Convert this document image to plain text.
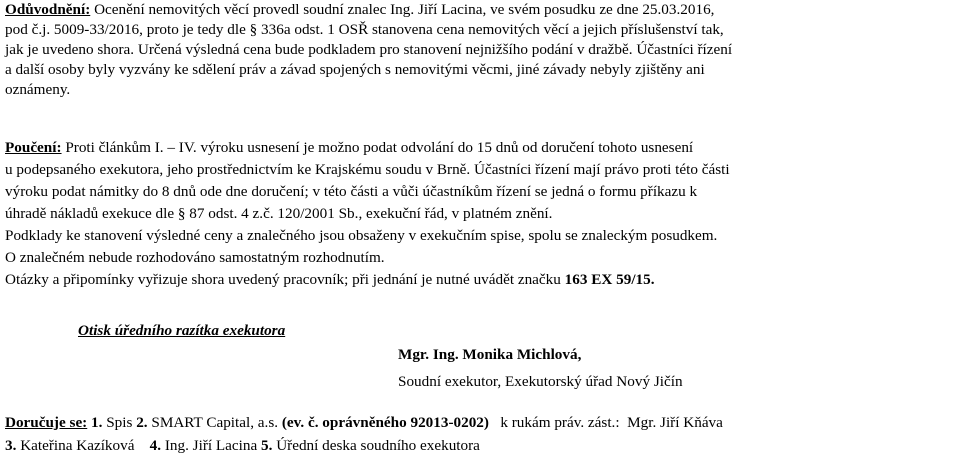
Odůvodnění: Ocenění nemovitých věcí provedl soudní znalec Ing. Jiří Lacina, ve svém posudku ze dne 25.03.2016,
pod č.j. 5009-33/2016, proto je tedy dle § 336a odst. 1 OSŘ stanovena cena nemovitých věcí a jejich příslušenství tak,
jak je uvedeno shora. Určená výsledná cena bude podkladem pro stanovení nejnižšího podání v dražbě. Účastníci řízení
a další osoby byly vyzvány ke sdělení práv a závad spojených s nemovitými věcmi, jiné závady nebyly zjištěny ani
oznámeny.
Poučení: Proti článkům I. – IV. výroku usnesení je možno podat odvolání do 15 dnů od doručení tohoto usnesení
u podepsaného exekutora, jeho prostřednictvím ke Krajskému soudu v Brně. Účastníci řízení mají právo proti této části
výroku podat námitky do 8 dnů ode dne doručení; v této části a vůči účastníkům řízení se jedná o formu příkazu k
úhradě nákladů exekuce dle § 87 odst. 4 z.č. 120/2001 Sb., exekuční řád, v platném znění.
Podklady ke stanovení výsledné ceny a znalečného jsou obsaženy v exekučním spise, spolu se znaleckým posudkem.
O znalečném nebude rozhodováno samostatným rozhodnutím.
Otázky a připomínky vyřizuje shora uvedený pracovník; při jednání je nutné uvádět značku 163 EX 59/15.
Otisk úředního razítka exekutora
Mgr. Ing. Monika Michlová,
Soudní exekutor, Exekutorský úřad Nový Jičín
Doručuje se: 1. Spis 2. SMART Capital, a.s. (ev. č. oprávněného 92013-0202)   k rukám práv. zást.:  Mgr. Jiří Kňáva
3. Kateřina Kazíková    4. Ing. Jiří Lacina 5. Úřední deska soudního exekutora
